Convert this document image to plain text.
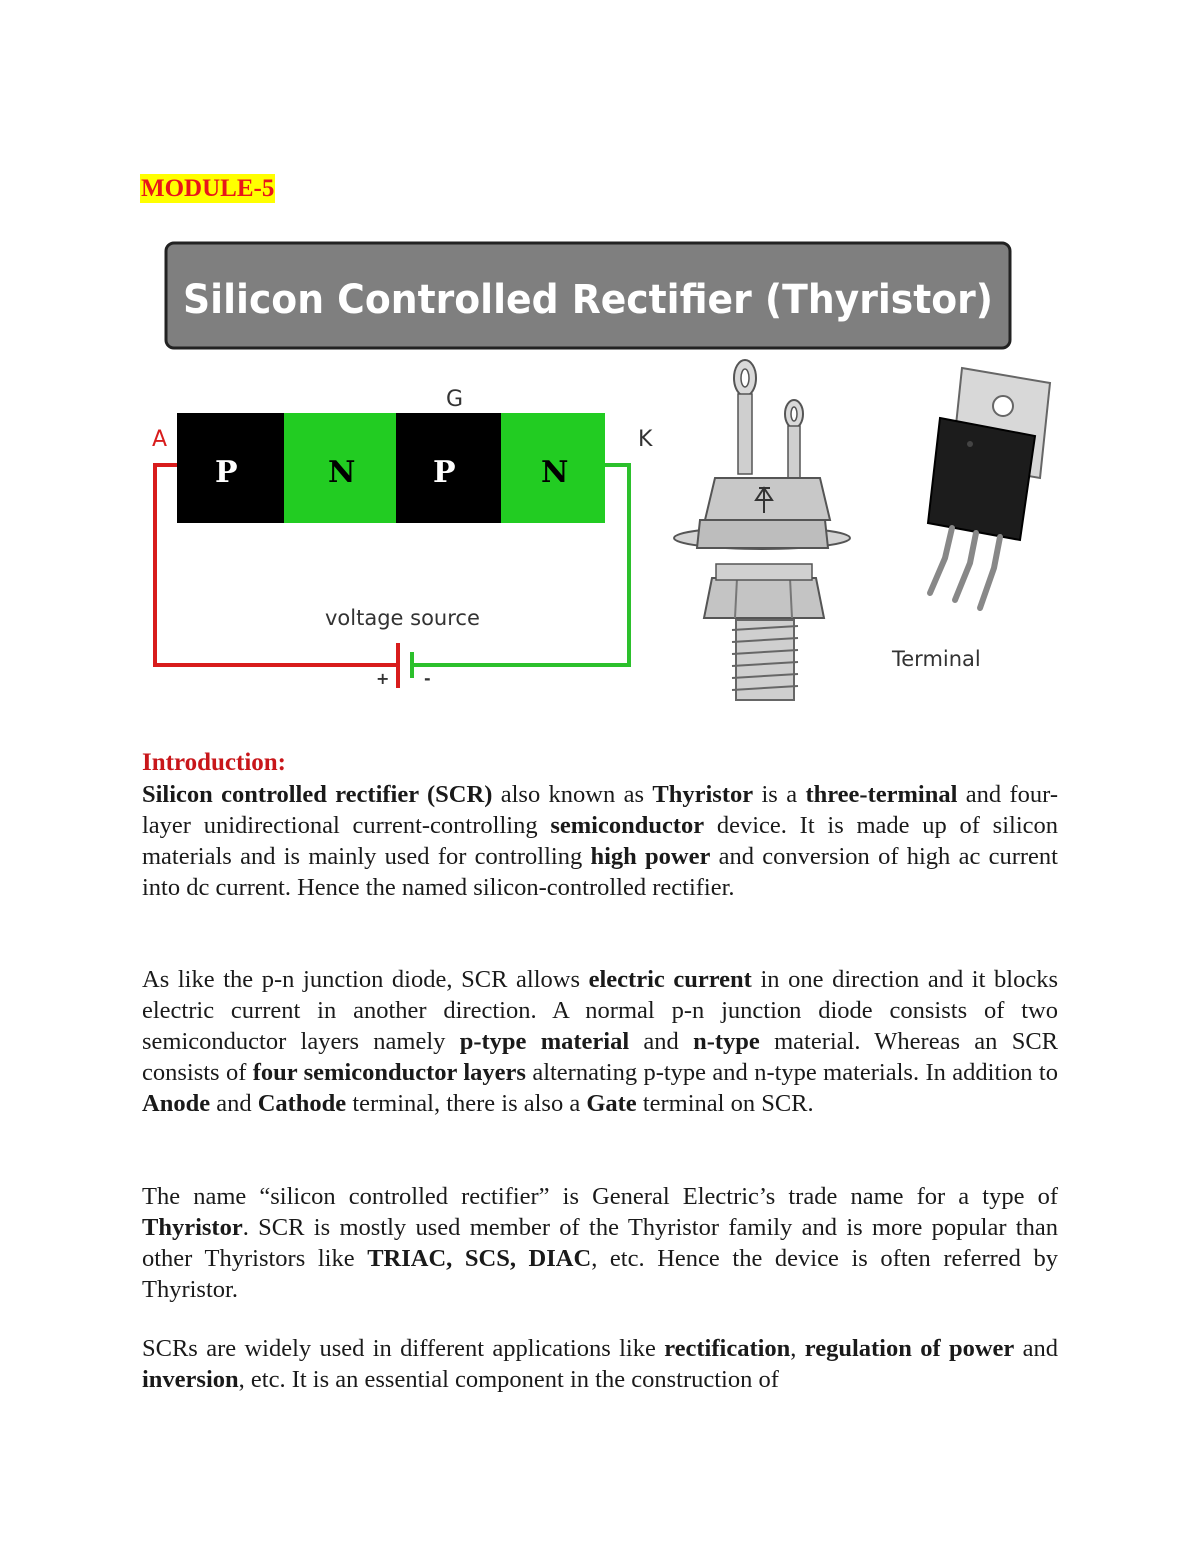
MODULE-5
Silicon Controlled Rectifier (Thyristor)
P	N	P	N
A
G
K
voltage source
+ -
Terminal
Introduction:

Silicon controlled rectifier (SCR) also known as Thyristor is a three-terminal and four-layer unidirectional current-controlling semiconductor device. It is made up of silicon materials and is mainly used for controlling high power and conversion of high ac current into dc current. Hence the named silicon-controlled rectifier.

As like the p-n junction diode, SCR allows electric current in one direction and it blocks electric current in another direction. A normal p-n junction diode consists of two semiconductor layers namely p-type material and n-type material. Whereas an SCR consists of four semiconductor layers alternating p-type and n-type materials. In addition to Anode and Cathode terminal, there is also a Gate terminal on SCR.

The name “silicon controlled rectifier” is General Electric’s trade name for a type of Thyristor. SCR is mostly used member of the Thyristor family and is more popular than other Thyristors like TRIAC, SCS, DIAC, etc. Hence the device is often referred by Thyristor.

SCRs are widely used in different applications like rectification, regulation of power and inversion, etc. It is an essential component in the construction of
